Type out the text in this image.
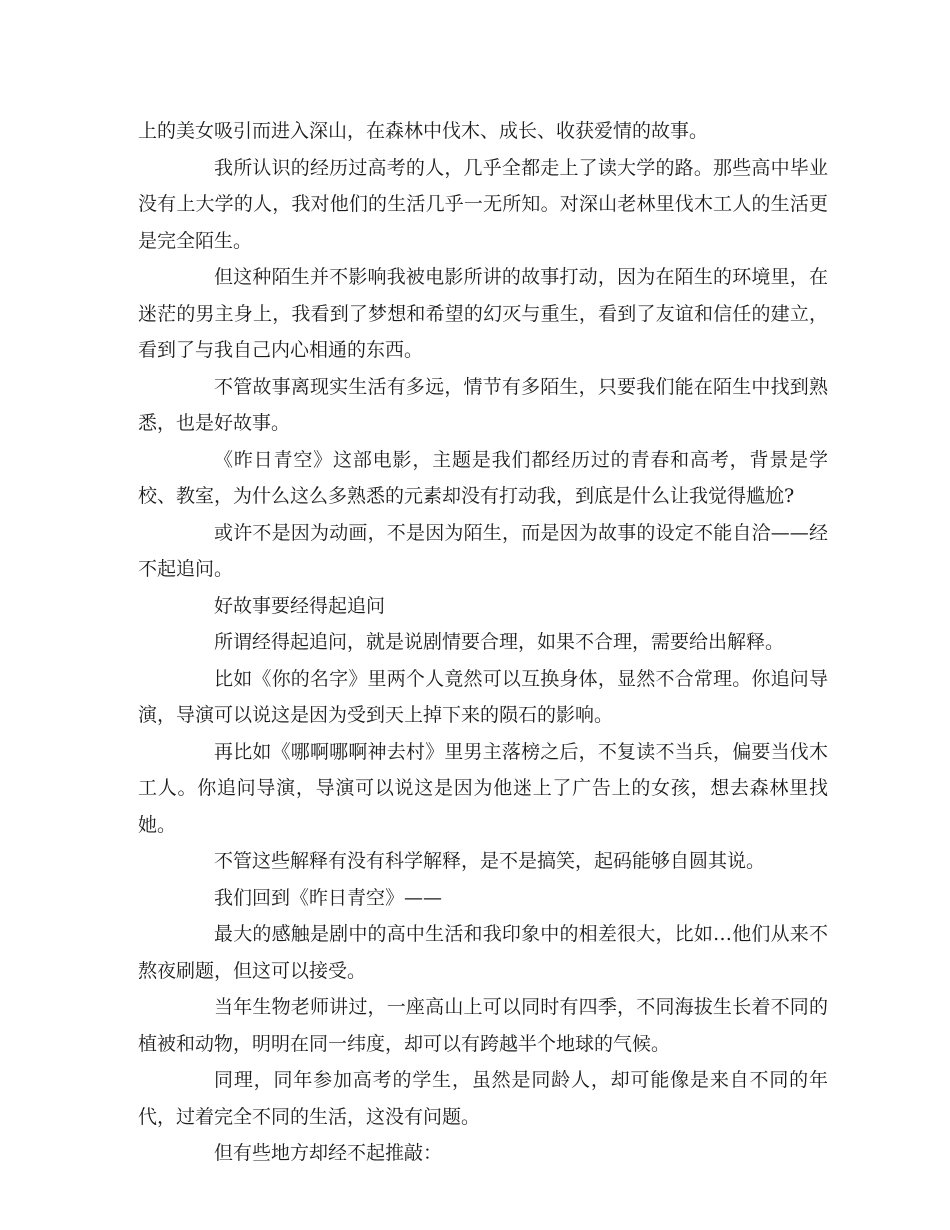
上的美女吸引而进入深山，在森林中伐木、成长、收获爱情的故事。

我所认识的经历过高考的人，几乎全都走上了读大学的路。那些高中毕业没有上大学的人，我对他们的生活几乎一无所知。对深山老林里伐木工人的生活更是完全陌生。

但这种陌生并不影响我被电影所讲的故事打动，因为在陌生的环境里，在迷茫的男主身上，我看到了梦想和希望的幻灭与重生，看到了友谊和信任的建立，看到了与我自己内心相通的东西。

不管故事离现实生活有多远，情节有多陌生，只要我们能在陌生中找到熟悉，也是好故事。

《昨日青空》这部电影，主题是我们都经历过的青春和高考，背景是学校、教室，为什么这么多熟悉的元素却没有打动我，到底是什么让我觉得尴尬?

或许不是因为动画，不是因为陌生，而是因为故事的设定不能自洽——经不起追问。

好故事要经得起追问

所谓经得起追问，就是说剧情要合理，如果不合理，需要给出解释。

比如《你的名字》里两个人竟然可以互换身体，显然不合常理。你追问导演，导演可以说这是因为受到天上掉下来的陨石的影响。

再比如《哪啊哪啊神去村》里男主落榜之后，不复读不当兵，偏要当伐木工人。你追问导演，导演可以说这是因为他迷上了广告上的女孩，想去森林里找她。

不管这些解释有没有科学解释，是不是搞笑，起码能够自圆其说。

我们回到《昨日青空》——

最大的感触是剧中的高中生活和我印象中的相差很大，比如…他们从来不熬夜刷题，但这可以接受。

当年生物老师讲过，一座高山上可以同时有四季，不同海拔生长着不同的植被和动物，明明在同一纬度，却可以有跨越半个地球的气候。

同理，同年参加高考的学生，虽然是同龄人，却可能像是来自不同的年代，过着完全不同的生活，这没有问题。

但有些地方却经不起推敲：
